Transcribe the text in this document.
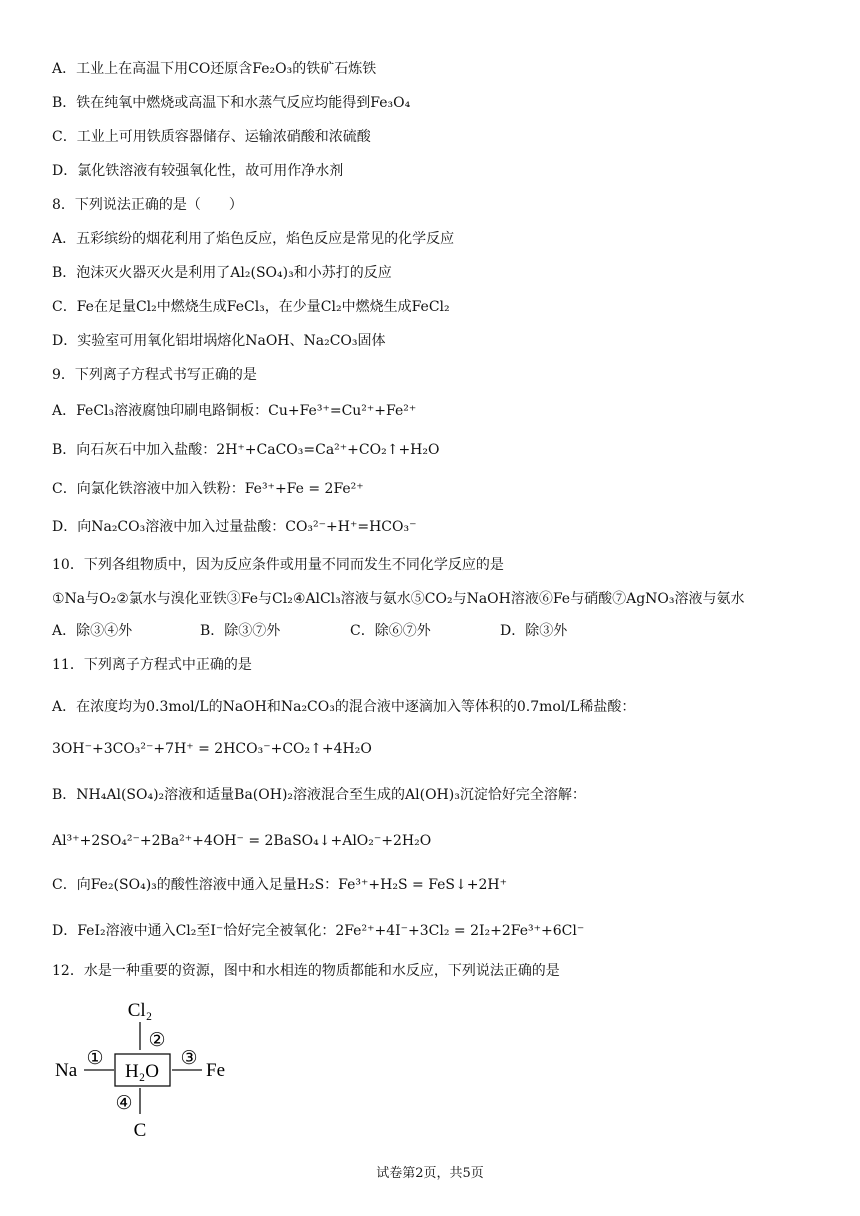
A．工业上在高温下用CO还原含Fe₂O₃的铁矿石炼铁
B．铁在纯氧中燃烧或高温下和水蒸气反应均能得到Fe₃O₄
C．工业上可用铁质容器储存、运输浓硝酸和浓硫酸
D．氯化铁溶液有较强氧化性，故可用作净水剂
8．下列说法正确的是（　　）
A．五彩缤纷的烟花利用了焰色反应，焰色反应是常见的化学反应
B．泡沫灭火器灭火是利用了Al₂(SO₄)₃和小苏打的反应
C．Fe在足量Cl₂中燃烧生成FeCl₃，在少量Cl₂中燃烧生成FeCl₂
D．实验室可用氧化铝坩埚熔化NaOH、Na₂CO₃固体
9．下列离子方程式书写正确的是
A．FeCl₃溶液腐蚀印刷电路铜板：Cu+Fe³⁺=Cu²⁺+Fe²⁺
B．向石灰石中加入盐酸：2H⁺+CaCO₃=Ca²⁺+CO₂↑+H₂O
C．向氯化铁溶液中加入铁粉：Fe³⁺+Fe = 2Fe²⁺
D．向Na₂CO₃溶液中加入过量盐酸：CO₃²⁻+H⁺=HCO₃⁻
10．下列各组物质中，因为反应条件或用量不同而发生不同化学反应的是
①Na与O₂②氯水与溴化亚铁③Fe与Cl₂④AlCl₃溶液与氨水⑤CO₂与NaOH溶液⑥Fe与硝酸⑦AgNO₃溶液与氨水
A．除③④外	B．除③⑦外	C．除⑥⑦外	D．除③外
11．下列离子方程式中正确的是
A．在浓度均为0.3mol/L的NaOH和Na₂CO₃的混合液中逐滴加入等体积的0.7mol/L稀盐酸：
3OH⁻+3CO₃²⁻+7H⁺ = 2HCO₃⁻+CO₂↑+4H₂O
B．NH₄Al(SO₄)₂溶液和适量Ba(OH)₂溶液混合至生成的Al(OH)₃沉淀恰好完全溶解：
Al³⁺+2SO₄²⁻+2Ba²⁺+4OH⁻ = 2BaSO₄↓+AlO₂⁻+2H₂O
C．向Fe₂(SO₄)₃的酸性溶液中通入足量H₂S：Fe³⁺+H₂S = FeS↓+2H⁺
D．FeI₂溶液中通入Cl₂至I⁻恰好完全被氧化：2Fe²⁺+4I⁻+3Cl₂ = 2I₂+2Fe³⁺+6Cl⁻
12．水是一种重要的资源，图中和水相连的物质都能和水反应，下列说法正确的是
Cl₂
②
Na
①
H₂O
③
Fe
④
C
试卷第2页，共5页
